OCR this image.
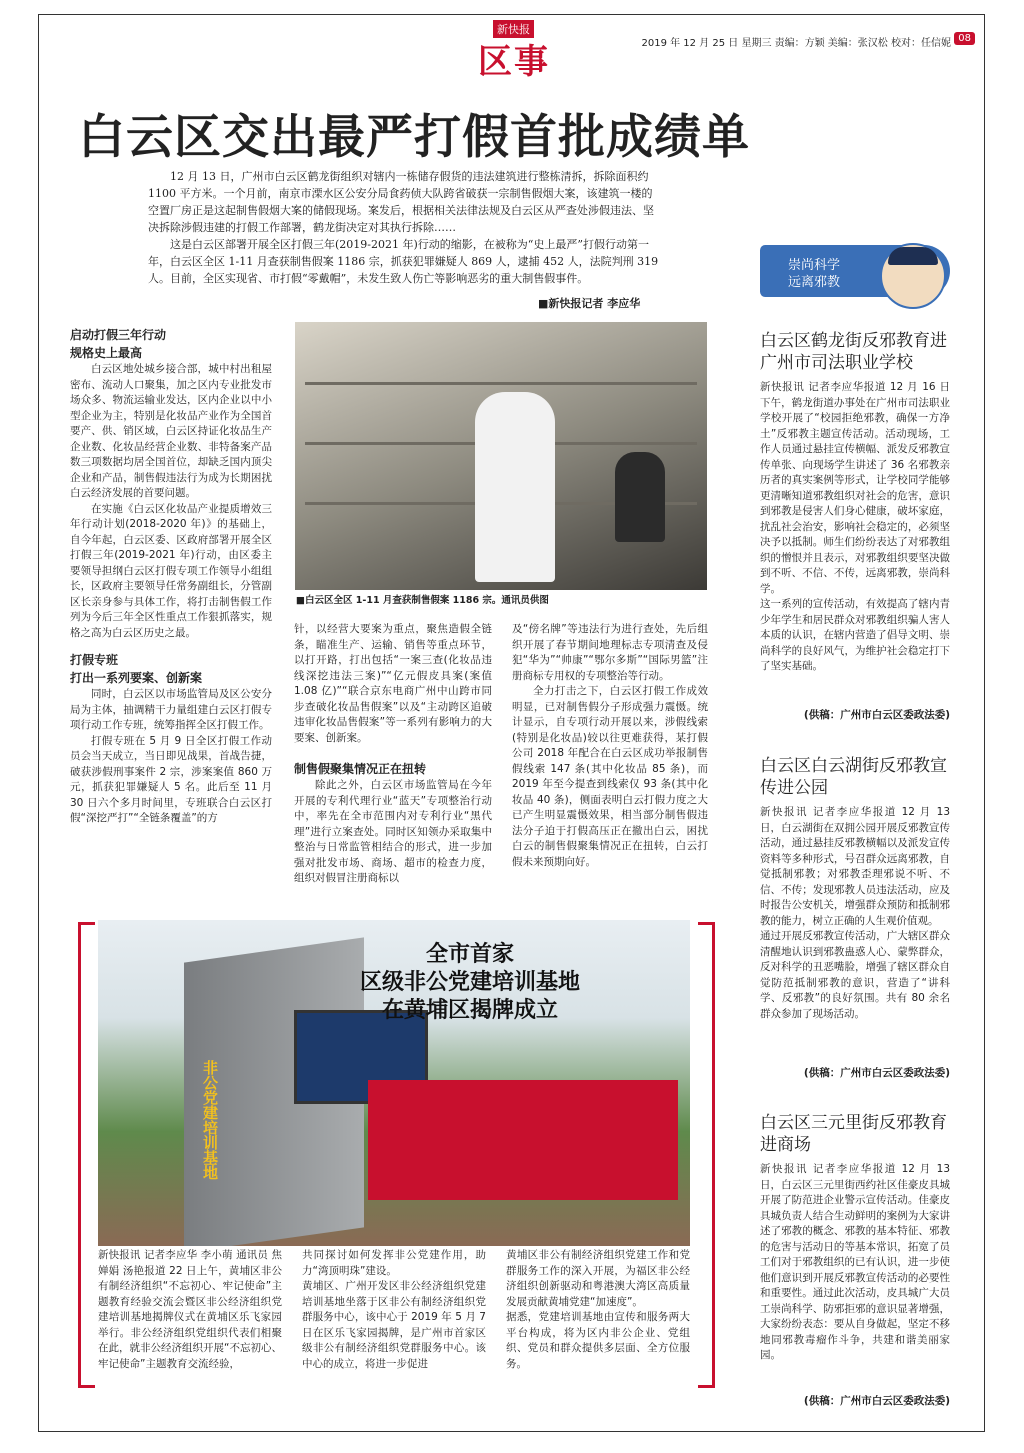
新快报
区事	2019 年 12 月 25 日 星期三 责编：方颖 美编：张汉松 校对：任信妮 08
白云区交出最严打假首批成绩单

12 月 13 日，广州市白云区鹤龙街组织对辖内一栋储存假货的违法建筑进行整栋清拆，拆除面积约 1100 平方米。一个月前，南京市溧水区公安分局食药侦大队跨省破获一宗制售假烟大案，该建筑一楼的空置厂房正是这起制售假烟大案的储假现场。案发后，根据相关法律法规及白云区从严查处涉假违法、坚决拆除涉假违建的打假工作部署，鹤龙街决定对其执行拆除……

这是白云区部署开展全区打假三年(2019-2021 年)行动的缩影，在被称为“史上最严”打假行动第一年，白云区全区 1-11 月查获制售假案 1186 宗，抓获犯罪嫌疑人 869 人，逮捕 452 人，法院判刑 319 人。目前，全区实现省、市打假“零戴帽”，未发生致人伤亡等影响恶劣的重大制售假事件。

■新快报记者 李应华

启动打假三年行动

规格史上最高

白云区地处城乡接合部，城中村出租屋密布、流动人口聚集，加之区内专业批发市场众多、物流运输业发达，区内企业以中小型企业为主，特别是化妆品产业作为全国首要产、供、销区域，白云区持证化妆品生产企业数、化妆品经营企业数、非特备案产品数三项数据均居全国首位，却缺乏国内顶尖企业和产品，制售假违法行为成为长期困扰白云经济发展的首要问题。

在实施《白云区化妆品产业提质增效三年行动计划(2018-2020 年)》的基础上，自今年起，白云区委、区政府部署开展全区打假三年(2019-2021 年)行动，由区委主要领导担纲白云区打假专项工作领导小组组长，区政府主要领导任常务副组长，分管副区长亲身参与具体工作，将打击制售假工作列为今后三年全区性重点工作狠抓落实，规格之高为白云区历史之最。

打假专班

打出一系列要案、创新案

同时，白云区以市场监管局及区公安分局为主体，抽调精干力量组建白云区打假专项行动工作专班，统筹指挥全区打假工作。

打假专班在 5 月 9 日全区打假工作动员会当天成立，当日即见战果，首战告捷，破获涉假刑事案件 2 宗，涉案案值 860 万元，抓获犯罪嫌疑人 5 名。此后至 11 月 30 日六个多月时间里，专班联合白云区打假“深挖严打”“全链条覆盖”的方

■白云区全区 1-11 月查获制售假案 1186 宗。通讯员供图

针，以经营大要案为重点，聚焦造假全链条，瞄准生产、运输、销售等重点环节，以打开路，打出包括“一案三查(化妆品违线深挖违法三案)”“亿元假皮具案(案值 1.08 亿)”“联合京东电商广州中山跨市同步查破化妆品售假案”以及“主动跨区追破违审化妆品售假案”等一系列有影响力的大要案、创新案。

制售假聚集情况正在扭转

除此之外，白云区市场监管局在今年开展的专利代理行业“蓝天”专项整治行动中，率先在全市范围内对专利行业“黑代理”进行立案查处。同时区知领办采取集中整治与日常监管相结合的形式，进一步加强对批发市场、商场、超市的检查力度，组织对假冒注册商标以

及“傍名牌”等违法行为进行查处，先后组织开展了春节期间地理标志专项清查及侵犯“华为”“帅康”“鄂尔多斯”“国际男篮”注册商标专用权的专项整治等行动。

全力打击之下，白云区打假工作成效明显，已对制售假分子形成强力震慑。统计显示，自专项行动开展以来，涉假线索(特别是化妆品)较以往更难获得，某打假公司 2018 年配合在白云区成功举报制售假线索 147 条(其中化妆品 85 条)，而 2019 年至今提查到线索仅 93 条(其中化妆品 40 条)，侧面表明白云打假力度之大已产生明显震慑效果，相当部分制售假违法分子迫于打假高压正在撤出白云，困扰白云的制售假聚集情况正在扭转，白云打假未来预期向好。

非公党建培训基地
全市首家
区级非公党建培训基地
在黄埔区揭牌成立
新快报讯 记者李应华 李小萌 通讯员 焦婵娟 汤艳报道 22 日上午，黄埔区非公有制经济组织“不忘初心、牢记使命”主题教育经验交流会暨区非公经济组织党建培训基地揭牌仪式在黄埔区乐飞家园举行。非公经济组织党组织代表们相聚在此，就非公经济组织开展“不忘初心、牢记使命”主题教育交流经验，
共同探讨如何发挥非公党建作用，助力“湾顶明珠”建设。
黄埔区、广州开发区非公经济组织党建培训基地坐落于区非公有制经济组织党群服务中心，该中心于 2019 年 5 月 7 日在区乐飞家园揭牌，是广州市首家区级非公有制经济组织党群服务中心。该中心的成立，将进一步促进
黄埔区非公有制经济组织党建工作和党群服务工作的深入开展，为福区非公经济组织创新驱动和粤港澳大湾区高质量发展贡献黄埔党建“加速度”。
据悉，党建培训基地由宣传和服务两大平台构成，将为区内非公企业、党组织、党员和群众提供多层面、全方位服务。
崇尚科学
远离邪教
白云区鹤龙街反邪教育进广州市司法职业学校
新快报讯 记者李应华报道 12 月 16 日下午，鹤龙街道办事处在广州市司法职业学校开展了“校园拒绝邪教，确保一方净土”反邪教主题宣传活动。活动现场，工作人员通过悬挂宣传横幅、派发反邪教宣传单张、向现场学生讲述了 36 名邪教亲历者的真实案例等形式，让学校同学能够更清晰知道邪教组织对社会的危害，意识到邪教是侵害人们身心健康，破坏家庭，扰乱社会治安，影响社会稳定的，必须坚决予以抵制。师生们纷纷表达了对邪教组织的憎恨并且表示，对邪教组织要坚决做到不听、不信、不传，远离邪教，崇尚科学。
这一系列的宣传活动，有效提高了辖内青少年学生和居民群众对邪教组织骗人害人本质的认识，在辖内营造了倡导文明、崇尚科学的良好风气，为维护社会稳定打下了坚实基础。
(供稿：广州市白云区委政法委)
白云区白云湖街反邪教宣传进公园
新快报讯 记者李应华报道 12 月 13 日，白云湖街在双拥公园开展反邪教宣传活动，通过悬挂反邪教横幅以及派发宣传资料等多种形式，号召群众远离邪教，自觉抵制邪教；对邪教歪理邪说不听、不信、不传；发现邪教人员违法活动，应及时报告公安机关，增强群众预防和抵制邪教的能力，树立正确的人生观价值观。
通过开展反邪教宣传活动，广大辖区群众清醒地认识到邪教蛊惑人心、蒙弊群众，反对科学的丑恶嘴脸，增强了辖区群众自觉防范抵制邪教的意识，营造了“讲科学、反邪教”的良好氛围。共有 80 余名群众参加了现场活动。
(供稿：广州市白云区委政法委)
白云区三元里街反邪教育进商场
新快报讯 记者李应华报道 12 月 13 日，白云区三元里街西约社区佳豪皮具城开展了防范进企业警示宣传活动。佳豪皮具城负责人结合生动鲜明的案例为大家讲述了邪教的概念、邪教的基本特征、邪教的危害与活动日的等基本常识，拓宽了员工们对于邪教组织的已有认识，进一步使他们意识到开展反邪教宣传活动的必要性和重要性。通过此次活动，皮具城广大员工崇尚科学、防邪拒邪的意识显著增强，大家纷纷表态：要从自身做起，坚定不移地同邪教毒瘤作斗争，共建和谐美丽家园。
(供稿：广州市白云区委政法委)
